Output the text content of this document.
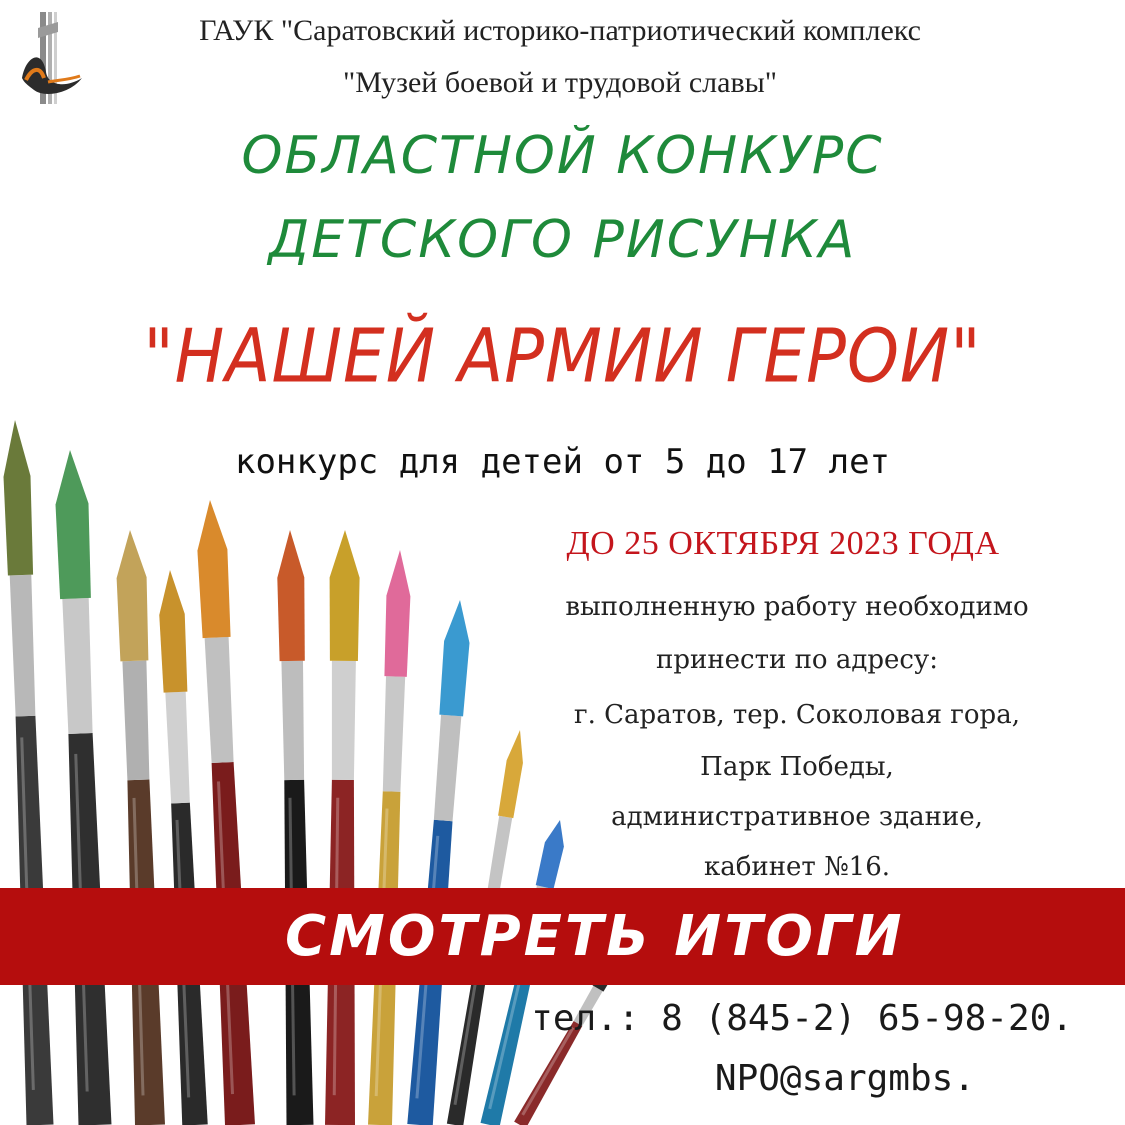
ГАУК "Саратовский историко-патриотический комплекс
"Музей боевой и трудовой славы"
ОБЛАСТНОЙ КОНКУРС
ДЕТСКОГО РИСУНКА
"НАШЕЙ АРМИИ ГЕРОИ"
конкурс для детей от 5 до 17 лет
ДО 25 ОКТЯБРЯ 2023 ГОДА
выполненную работу необходимо
принести по адресу:
г. Саратов, тер. Соколовая гора,
Парк Победы,
административное здание,
кабинет №16.
СМОТРЕТЬ ИТОГИ
тел.: 8 (845-2) 65-98-20.
NPO@sargmbs.
